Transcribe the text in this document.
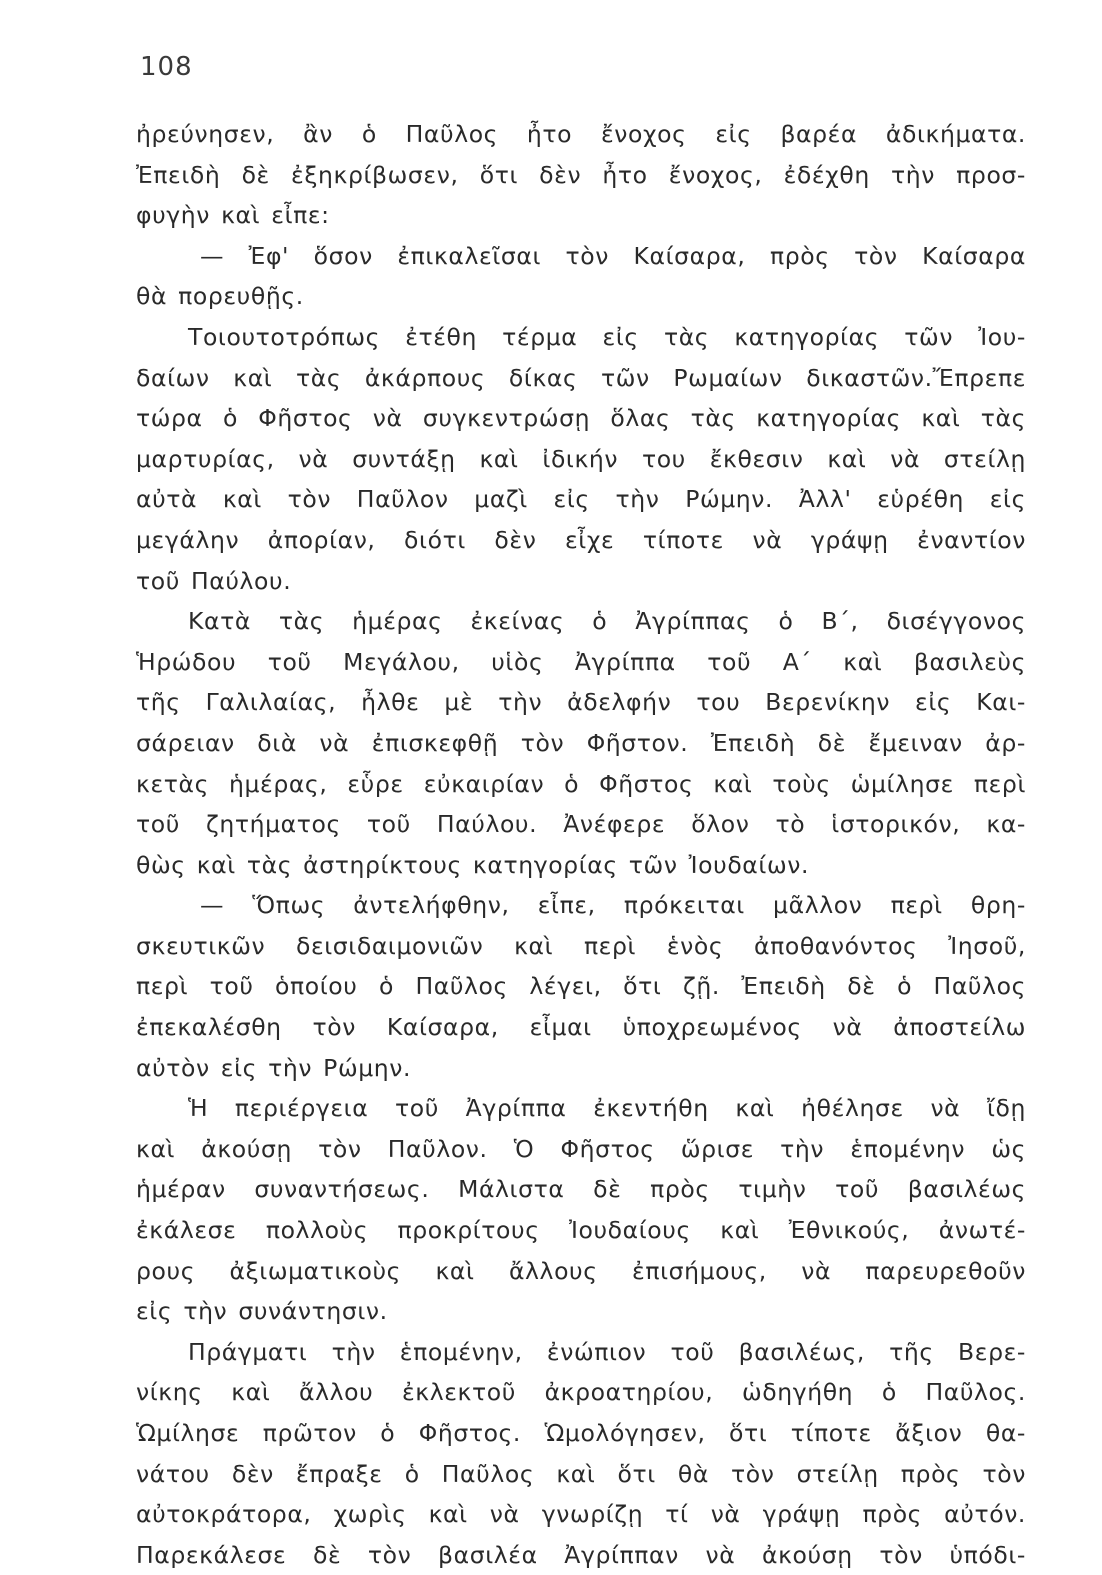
108
ἠρεύνησεν, ἂν ὁ Παῦλος ἦτο ἔνοχος εἰς βαρέα ἀδικήματα.
Ἐπειδὴ δὲ ἐξηκρίβωσεν, ὅτι δὲν ἦτο ἔνοχος, ἐδέχθη τὴν προσ-
φυγὴν καὶ εἶπε:
— Ἐφ' ὅσον ἐπικαλεῖσαι τὸν Καίσαρα, πρὸς τὸν Καίσαρα
θὰ πορευθῇς.
Τοιουτοτρόπως ἐτέθη τέρμα εἰς τὰς κατηγορίας τῶν Ἰου-
δαίων καὶ τὰς ἀκάρπους δίκας τῶν Ρωμαίων δικαστῶν.Ἔπρεπε
τώρα ὁ Φῆστος νὰ συγκεντρώσῃ ὅλας τὰς κατηγορίας καὶ τὰς
μαρτυρίας, νὰ συντάξῃ καὶ ἰδικήν του ἔκθεσιν καὶ νὰ στείλῃ
αὐτὰ καὶ τὸν Παῦλον μαζὶ εἰς τὴν Ρώμην. Ἀλλ' εὑρέθη εἰς
μεγάλην ἀπορίαν, διότι δὲν εἶχε τίποτε νὰ γράψῃ ἐναντίον
τοῦ Παύλου.
Κατὰ τὰς ἡμέρας ἐκείνας ὁ Ἀγρίππας ὁ Β΄, δισέγγονος
Ἡρώδου τοῦ Μεγάλου, υἱὸς Ἀγρίππα τοῦ Α΄ καὶ βασιλεὺς
τῆς Γαλιλαίας, ἦλθε μὲ τὴν ἀδελφήν του Βερενίκην εἰς Και-
σάρειαν διὰ νὰ ἐπισκεφθῇ τὸν Φῆστον. Ἐπειδὴ δὲ ἔμειναν ἀρ-
κετὰς ἡμέρας, εὗρε εὐκαιρίαν ὁ Φῆστος καὶ τοὺς ὡμίλησε περὶ
τοῦ ζητήματος τοῦ Παύλου. Ἀνέφερε ὅλον τὸ ἱστορικόν, κα-
θὼς καὶ τὰς ἀστηρίκτους κατηγορίας τῶν Ἰουδαίων.
— Ὅπως ἀντελήφθην, εἶπε, πρόκειται μᾶλλον περὶ θρη-
σκευτικῶν δεισιδαιμονιῶν καὶ περὶ ἑνὸς ἀποθανόντος Ἰησοῦ,
περὶ τοῦ ὁποίου ὁ Παῦλος λέγει, ὅτι ζῇ. Ἐπειδὴ δὲ ὁ Παῦλος
ἐπεκαλέσθη τὸν Καίσαρα, εἶμαι ὑποχρεωμένος νὰ ἀποστείλω
αὐτὸν εἰς τὴν Ρώμην.
Ἡ περιέργεια τοῦ Ἀγρίππα ἐκεντήθη καὶ ἠθέλησε νὰ ἴδῃ
καὶ ἀκούσῃ τὸν Παῦλον. Ὁ Φῆστος ὥρισε τὴν ἑπομένην ὡς
ἡμέραν συναντήσεως. Μάλιστα δὲ πρὸς τιμὴν τοῦ βασιλέως
ἐκάλεσε πολλοὺς προκρίτους Ἰουδαίους καὶ Ἐθνικούς, ἀνωτέ-
ρους ἀξιωματικοὺς καὶ ἄλλους ἐπισήμους, νὰ παρευρεθοῦν
εἰς τὴν συνάντησιν.
Πράγματι τὴν ἑπομένην, ἐνώπιον τοῦ βασιλέως, τῆς Βερε-
νίκης καὶ ἄλλου ἐκλεκτοῦ ἀκροατηρίου, ὡδηγήθη ὁ Παῦλος.
Ὡμίλησε πρῶτον ὁ Φῆστος. Ὡμολόγησεν, ὅτι τίποτε ἄξιον θα-
νάτου δὲν ἔπραξε ὁ Παῦλος καὶ ὅτι θὰ τὸν στείλῃ πρὸς τὸν
αὐτοκράτορα, χωρὶς καὶ νὰ γνωρίζῃ τί νὰ γράψῃ πρὸς αὐτόν.
Παρεκάλεσε δὲ τὸν βασιλέα Ἀγρίππαν νὰ ἀκούσῃ τὸν ὑπόδι-
